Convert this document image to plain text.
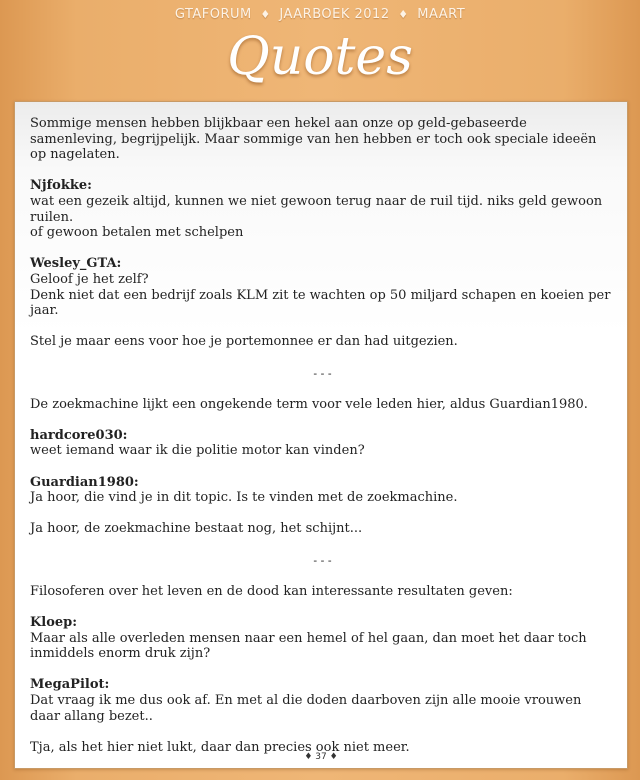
GTAFORUM ♦ JAARBOEK 2012 ♦ MAART
Quotes

Sommige mensen hebben blijkbaar een hekel aan onze op geld-gebaseerde samenleving, begrijpelijk. Maar sommige van hen hebben er toch ook speciale ideeën op nagelaten.

Njfokke:

wat een gezeik altijd, kunnen we niet gewoon terug naar de ruil tijd. niks geld gewoon ruilen.

of gewoon betalen met schelpen

Wesley_GTA:

Geloof je het zelf?

Denk niet dat een bedrijf zoals KLM zit te wachten op 50 miljard schapen en koeien per jaar.

Stel je maar eens voor hoe je portemonnee er dan had uitgezien.

- - -

De zoekmachine lijkt een ongekende term voor vele leden hier, aldus Guardian1980.

hardcore030:

weet iemand waar ik die politie motor kan vinden?

Guardian1980:

Ja hoor, die vind je in dit topic. Is te vinden met de zoekmachine.

Ja hoor, de zoekmachine bestaat nog, het schijnt...

- - -

Filosoferen over het leven en de dood kan interessante resultaten geven:

Kloep:

Maar als alle overleden mensen naar een hemel of hel gaan, dan moet het daar toch inmiddels enorm druk zijn?

MegaPilot:

Dat vraag ik me dus ook af. En met al die doden daarboven zijn alle mooie vrouwen daar allang bezet..

Tja, als het hier niet lukt, daar dan precies ook niet meer.

♦ 37 ♦
